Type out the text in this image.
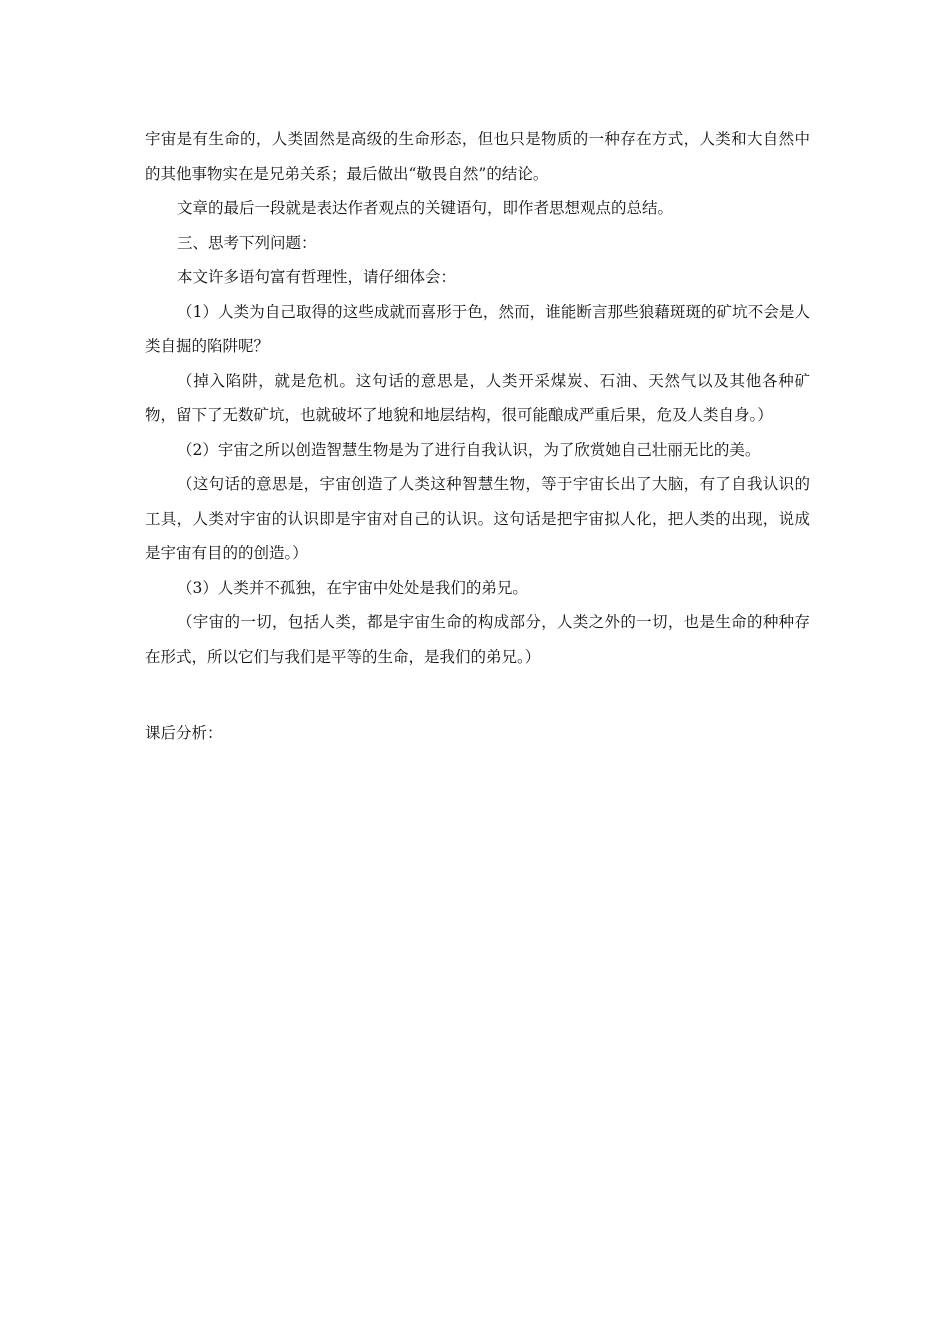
宇宙是有生命的，人类固然是高级的生命形态，但也只是物质的一种存在方式，人类和大自然中的其他事物实在是兄弟关系；最后做出“敬畏自然”的结论。

文章的最后一段就是表达作者观点的关键语句，即作者思想观点的总结。

三、思考下列问题：

本文许多语句富有哲理性，请仔细体会：

（1）人类为自己取得的这些成就而喜形于色，然而，谁能断言那些狼藉斑斑的矿坑不会是人类自掘的陷阱呢？

（掉入陷阱，就是危机。这句话的意思是，人类开采煤炭、石油、天然气以及其他各种矿物，留下了无数矿坑，也就破坏了地貌和地层结构，很可能酿成严重后果，危及人类自身。）

（2）宇宙之所以创造智慧生物是为了进行自我认识，为了欣赏她自己壮丽无比的美。

（这句话的意思是，宇宙创造了人类这种智慧生物，等于宇宙长出了大脑，有了自我认识的工具，人类对宇宙的认识即是宇宙对自己的认识。这句话是把宇宙拟人化，把人类的出现，说成是宇宙有目的的创造。）

（3）人类并不孤独，在宇宙中处处是我们的弟兄。

（宇宙的一切，包括人类，都是宇宙生命的构成部分，人类之外的一切，也是生命的种种存在形式，所以它们与我们是平等的生命，是我们的弟兄。）

课后分析：
